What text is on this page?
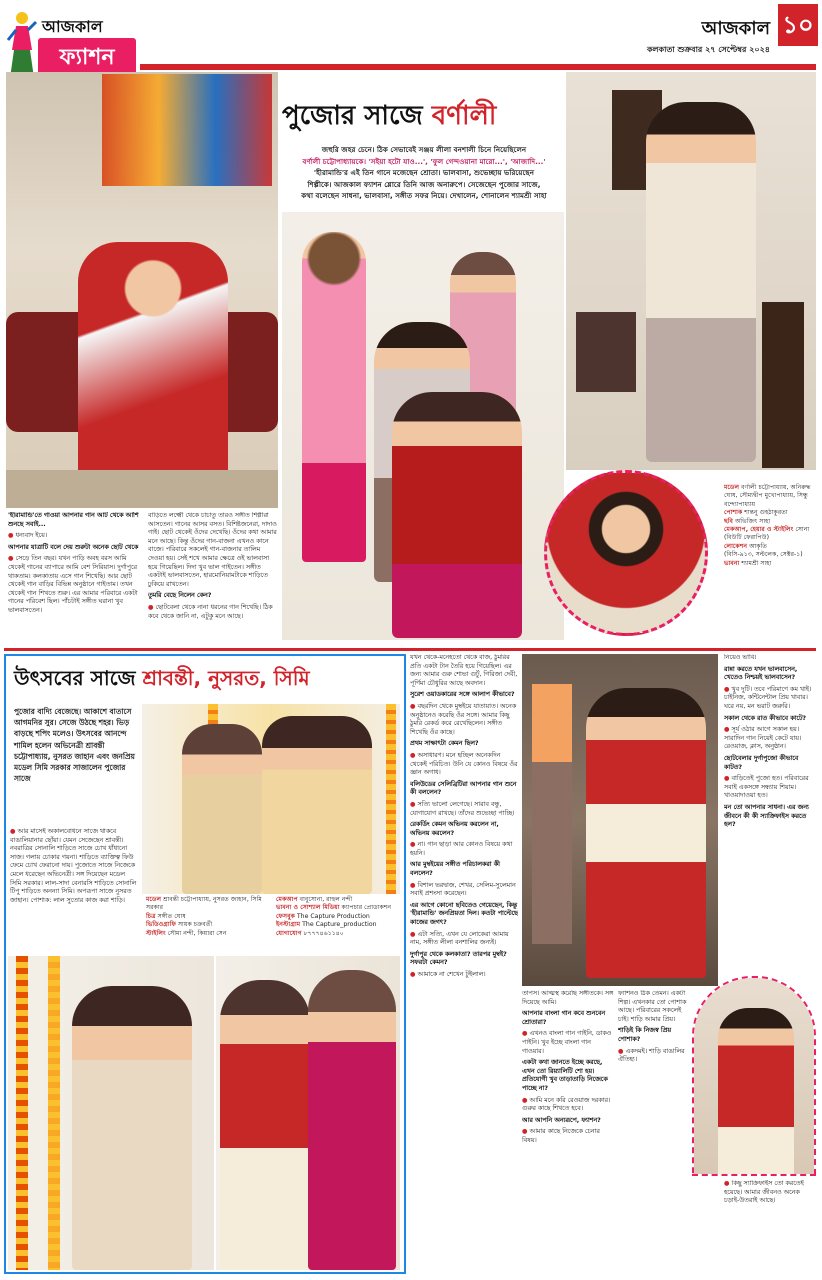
আজকাল
ফ্যাশন
আজকাল ১০
কলকাতা শুক্রবার ২৭ সেপ্টেম্বর ২০২৪
পুজোর সাজে বর্ণালী
জহুরি জহর চেনে। ঠিক সেভাবেই সঞ্জয় লীলা বনশালী চিনে নিয়েছিলেন
বর্ণালী চট্টোপাধ্যায়কে। 'সইয়া হটো যাও...', 'ফুল গেন্দওয়ানা মারো...', 'আজাদি...'
'হীরামান্ডি'র এই তিন গানে মজেছেন শ্রোতা। ভালবাসা, শুভেচ্ছায় ভরিয়েছেন
শিল্পীকে। আজকাল ফ্যাশন শ্লোরে তিনি আজ অনারুপে। সেজেছেন পুজোর সাজে,
কথা বলেছেন সাধনা, ভালবাসা, সঙ্গীত সফর নিয়ে। দেখালেন, শোনালেন শ্যামশ্রী সাহা
মডেল বর্ণালী চট্টোপাধ্যায়, অনিরুদ্ধ ঘোষ, সৌম্যদ্বীপ মুখোপাধ্যায়, সিন্ধু বন্দ্যোপাধ্যায়
পোশাক শান্তনু গুহঠাকুরতা
ছবি অভিজিৎ সাহা
মেকআপ, হেয়ার ও স্টাইলিং সোনা
(বিউটি ফেরাপিউ)
লোকেশন আকৃতি
(বিসি-৯১৩, সল্টলেক, সেক্টর-১)
ভাবনা শ্যামশ্রী সাহা

'হীরামান্ডি'তে গাওয়া আপনার গান আট থেকে আশি শুনছে সবাই...

● ধন্যবাদ ইয়ে।

আপনার যাত্রাটি বলে দেয় শুরুটা অনেক ছোট থেকে

● সেড়ে তিন বছর। যখন পাড়ি অবহ বরস আমি থেকেই গানের ব্যাপারে আমি বেশ সিরিয়াস। দুর্গাপুরে থাকতাম। কলকাতায় এসে গান শিখেছি। আর ছোট থেকেই গান বাড়ির বিভিন্ন অনুষ্ঠানে গাইতাম। তখন থেকেই গান শিখতে শুরু। এর আমার পরিবারে একটা গানের পরিবেশ ছিল। পাঁচটাই সঙ্গীত ঘরানা খুব ভালবাসতেন।

বাড়িতে লক্ষ্মৌ থেকে চাচাতু তারও সঙ্গীত শিল্পীরা আসতেন। গানের আসর বসত। বিশিষ্টজনেরা, দাদাও গাই। ছোট থেকেই ওঁদের দেখেছি। ওঁদের কথা আমার মনে আছে। কিন্তু ওঁদের গান-বাজনা এখনও কানে বাজে। পরিবারে সকলেই গান-বাজনার তালিম দেওয়া হয়। সেই শখে আমার ক্ষেত্রে ওই ভালবাসা হয়ে গিয়েছিল। দিদা খুব ভাল গাইতেন। সঙ্গীত একটাই ভালবাসতেন, হারমোনিয়ামটাকে শাড়িতে ঢুকিয়ে রাখতেন।

তুমরি বেছে নিলেন কেন?

● ছোটবেলা থেকে নানা ধরনের গান শিখেছি। ঠিক কবে থেকে জানি না, এটুকু মনে আছে।

উৎসবের সাজে শ্রাবন্তী, নুসরত, সিমি
পুজোর বাদ্যি বেজেছে। আকাশে বাতাসে আগমনির সুর। সেজে উঠছে শহর। ভিড় বাড়ছে শপিং মলেও। উৎসবের আনন্দে শামিল হলেন অভিনেত্রী শ্রাবন্তী চট্টোপাধ্যায়, নুসরত জাহান এবং জনপ্রিয় মডেল সিমি সরকার সাজালেন পুজোর সাজে

● আর মাসেই অকালবোধনে সাজে থাকবে বাঙালিয়ানার ছোঁয়া। যেমন সেজেছেন শ্রাবন্তী। নবরাত্রির সোনালি শাড়িতে সাজে চোখ ধাঁধানো সাজ। গলায় চোকার গয়না। শাড়িতে ব্যাক্তিত্ব ফিউ ফেমে চোখ ফেরানো দায়। পুজোতে সাজে নিজেকে মেলে ধরেছেন অভিনেত্রী। সঙ্গ দিয়েছেন মডেল সিমি সরকার। লাল-সাদা বেনারসি শাড়িতে সোনালি টিপু শাড়িতে অনন্যা সিমি। অপরূপা সাজে নুসরত জাহান। পোশাক: লাল সুতোর কাজ করা শাড়ি।	মডেল শ্রাবন্তী চট্টোপাধ্যায়, নুসরত জাহান, সিমি সরকার
চিত্র সঙ্গীত ঘোষ
ভিডিওগ্রাফি সায়ক চক্রবর্তী
স্টাইলিং সৌম্য নন্দী, কিয়ারা সেন
মেকআপ বাবুসোনা, রাহুল নন্দী
ভাবনা ও সোশ্যাল মিডিয়া ক্যাপচার প্রোডাকশন
ফেসবুক The Capture Production
ইনস্টাগ্রাম The Capture_production
যোগাযোগ ৮৭৭৭৪৬১১৪০

যখন থেকে-মনেহতো থেকে বাজ, ঠুমরির প্রতি একটা টান তৈরি হয়ে গিয়েছিল। এর জন্য আমার গুরু শোভা গুর্টু, গিরিজা দেবী, পূর্ণিমা চৌধুরির আছে অবদান।

সুরেশ ওয়াডকারের সঙ্গে আলাপ কীভাবে?

● বছরদিন থেকে মুম্বইয়ে যাতায়াত। অনেক অনুষ্ঠানেও করেছি ওঁর সঙ্গে। আমার কিছু ঠুমরি রেকর্ড করে রেখেছিলেন। সঙ্গীত শিখেছি ওঁর কাছে।

প্রথম সাক্ষাৎটা কেমন ছিল?

● অসাধারণ। মনে হচ্ছিল অনেকদিন থেকেই পরিচিত। উনি যে কোনও বিষয়ে ওঁর জ্ঞান অগাধ।

বলিউডের সেলিব্রিটিরা আপনার গান শুনে কী বললেন?

● সত্যি ভালো লেগেছে। সারাব বন্ধু, যোগাযোগ রাখছে। তাঁদের শুভেচ্ছা পাচ্ছি।

রেকর্ডিং কেমন অভিনয় করলেন না, অভিনয় করলেন?

● না। গান ছাড়া আর কোনও বিষয়ে কথা হয়নি।

আর মুম্বইয়ের সঙ্গীত পরিচালকরা কী বললেন?

● বিশাল ভরদ্বাজ, শেখর, সেলিম-সুলেমান সবাই প্রশংসা করেছেন।

এর আগে কোনো ছবিতেও গেয়েছেন, কিন্তু 'হীরামান্ডি' জনপ্রিয়তা দিল। কতটা পাল্টেছে কাজের জগৎ?

● এটা সত্যি, এখন যে লোকেরা আমায় নাম, সঙ্গীত লীলা বনশালির জন্যই।

দুর্গাপুর থেকে কলকাতা? তারপর মুম্বই? সফরটা কেমন?

● আমাকে না শেখেন টুইলাল।

তাপস। আত্মস্থ করেছি সঙ্গীতকে। সঙ্গ দিয়েছে আমি।

আপনার বাংলা গান কবে শুনবেন শ্রোতারা?

● এখনও বাংলা গান গাইনি, ডাকও পাইনি। খুব ইচ্ছে বাংলা গান গাওয়ার।

একটা কথা জানতে ইচ্ছে করছে, এখন তো রিয়্যালিটি শো হয়। প্রতিযোগী খুব তাড়াতাড়ি নিজেকে পাচ্ছে না?

● আমি মনে করি রেওয়াজ দরকার। গুরুর কাছে শিখতে হবে।

আর আপনি অন্যরূপে, ফ্যাশন?

● আমার কাছে নিজেকে চেনার বিষয়।

ফ্যাশনও ঠিক তেমন। একটা শিল্প। এখনকার তো পোশাক আছে। পরিবারের সকলেই চাই। শাড়ি আমার প্রিয়।

শাড়িই কি নিজস্ব প্রিয় পোশাক?

● একদমই। শাড়ি বাঙালির ঐতিহ্য।

নিয়েও ভাবি।

রান্না করতে যখন ভালবাসেন, খেতেও নিশ্চয়ই ভালবাসেন?

● খুব দুটি। তবে পরিমাণে কম খাই। চাইনিজ, কন্টিনেন্টাল প্রিয় খাবার। ঘরে নয়, মন ভরাট জরুরি।

সকাল থেকে রাত কীভাবে কাটে?

● সূর্য ওঠার আগে সকাল হয়। সারাদিন গান নিয়েই কেটে যায়। রেওয়াজ, ক্লাস, অনুষ্ঠান।

ছোটবেলার দুর্গাপুজো কীভাবে কাটত?

● বাড়িতেই পুজো হত। পরিবারের সবাই একসঙ্গে সন্ধ্যায় শিয়াম। খাওয়াদাওয়া হত।

মন তো আপনার সাধনা। এর জন্য জীবনে কী কী স্যাক্রিফাইস করতে হল?

● কিছু স্যাক্রিফাইস তো করতেই হয়েছে। আমার জীবনও অনেক চড়াই-উতরাই আছে।
